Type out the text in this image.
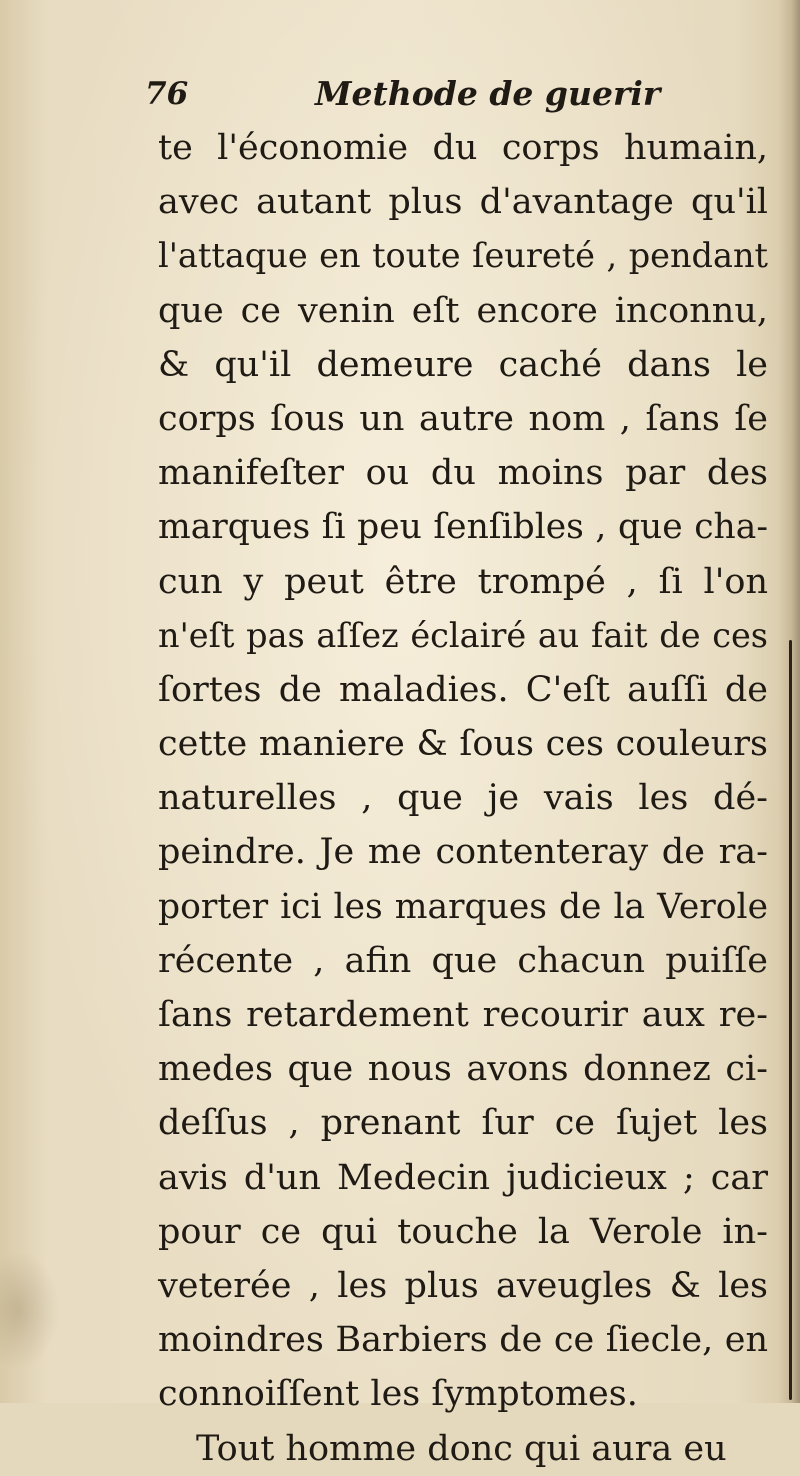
76	Methode de guerir
te l'économie du corps humain,
avec autant plus d'avantage qu'il
l'attaque en toute ſeureté , pendant
que ce venin eſt encore inconnu,
& qu'il demeure caché dans le
corps ſous un autre nom , ſans ſe
manifeſter ou du moins par des
marques ſi peu ſenſibles , que cha-
cun y peut être trompé , ſi l'on
n'eſt pas aſſez éclairé au fait de ces
ſortes de maladies. C'eſt auſſi de
cette maniere & ſous ces couleurs
naturelles , que je vais les dé-
peindre. Je me contenteray de ra-
porter ici les marques de la Verole
récente , afin que chacun puiſſe
ſans retardement recourir aux re-
medes que nous avons donnez ci-
deſſus , prenant ſur ce ſujet les
avis d'un Medecin judicieux ; car
pour ce qui touche la Verole in-
veterée , les plus aveugles & les
moindres Barbiers de ce ſiecle, en
connoiſſent les ſymptomes.
Tout homme donc qui aura eu
